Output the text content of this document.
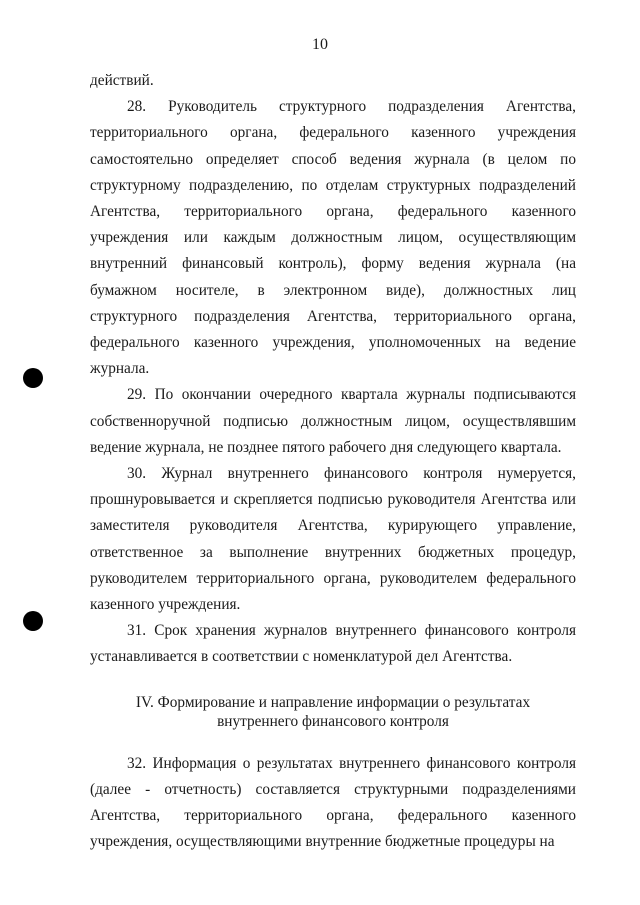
10

действий.

28. Руководитель структурного подразделения Агентства, территориального органа, федерального казенного учреждения самостоятельно определяет способ ведения журнала (в целом по структурному подразделению, по отделам структурных подразделений Агентства, территориального органа, федерального казенного учреждения или каждым должностным лицом, осуществляющим внутренний финансовый контроль), форму ведения журнала (на бумажном носителе, в электронном виде), должностных лиц структурного подразделения Агентства, территориального органа, федерального казенного учреждения, уполномоченных на ведение журнала.

29. По окончании очередного квартала журналы подписываются собственноручной подписью должностным лицом, осуществлявшим ведение журнала, не позднее пятого рабочего дня следующего квартала.

30. Журнал внутреннего финансового контроля нумеруется, прошнуровывается и скрепляется подписью руководителя Агентства или заместителя руководителя Агентства, курирующего управление, ответственное за выполнение внутренних бюджетных процедур, руководителем территориального органа, руководителем федерального казенного учреждения.

31. Срок хранения журналов внутреннего финансового контроля устанавливается в соответствии с номенклатурой дел Агентства.

IV. Формирование и направление информации о результатах
внутреннего финансового контроля

32. Информация о результатах внутреннего финансового контроля (далее - отчетность) составляется структурными подразделениями Агентства, территориального органа, федерального казенного учреждения, осуществляющими внутренние бюджетные процедуры на
